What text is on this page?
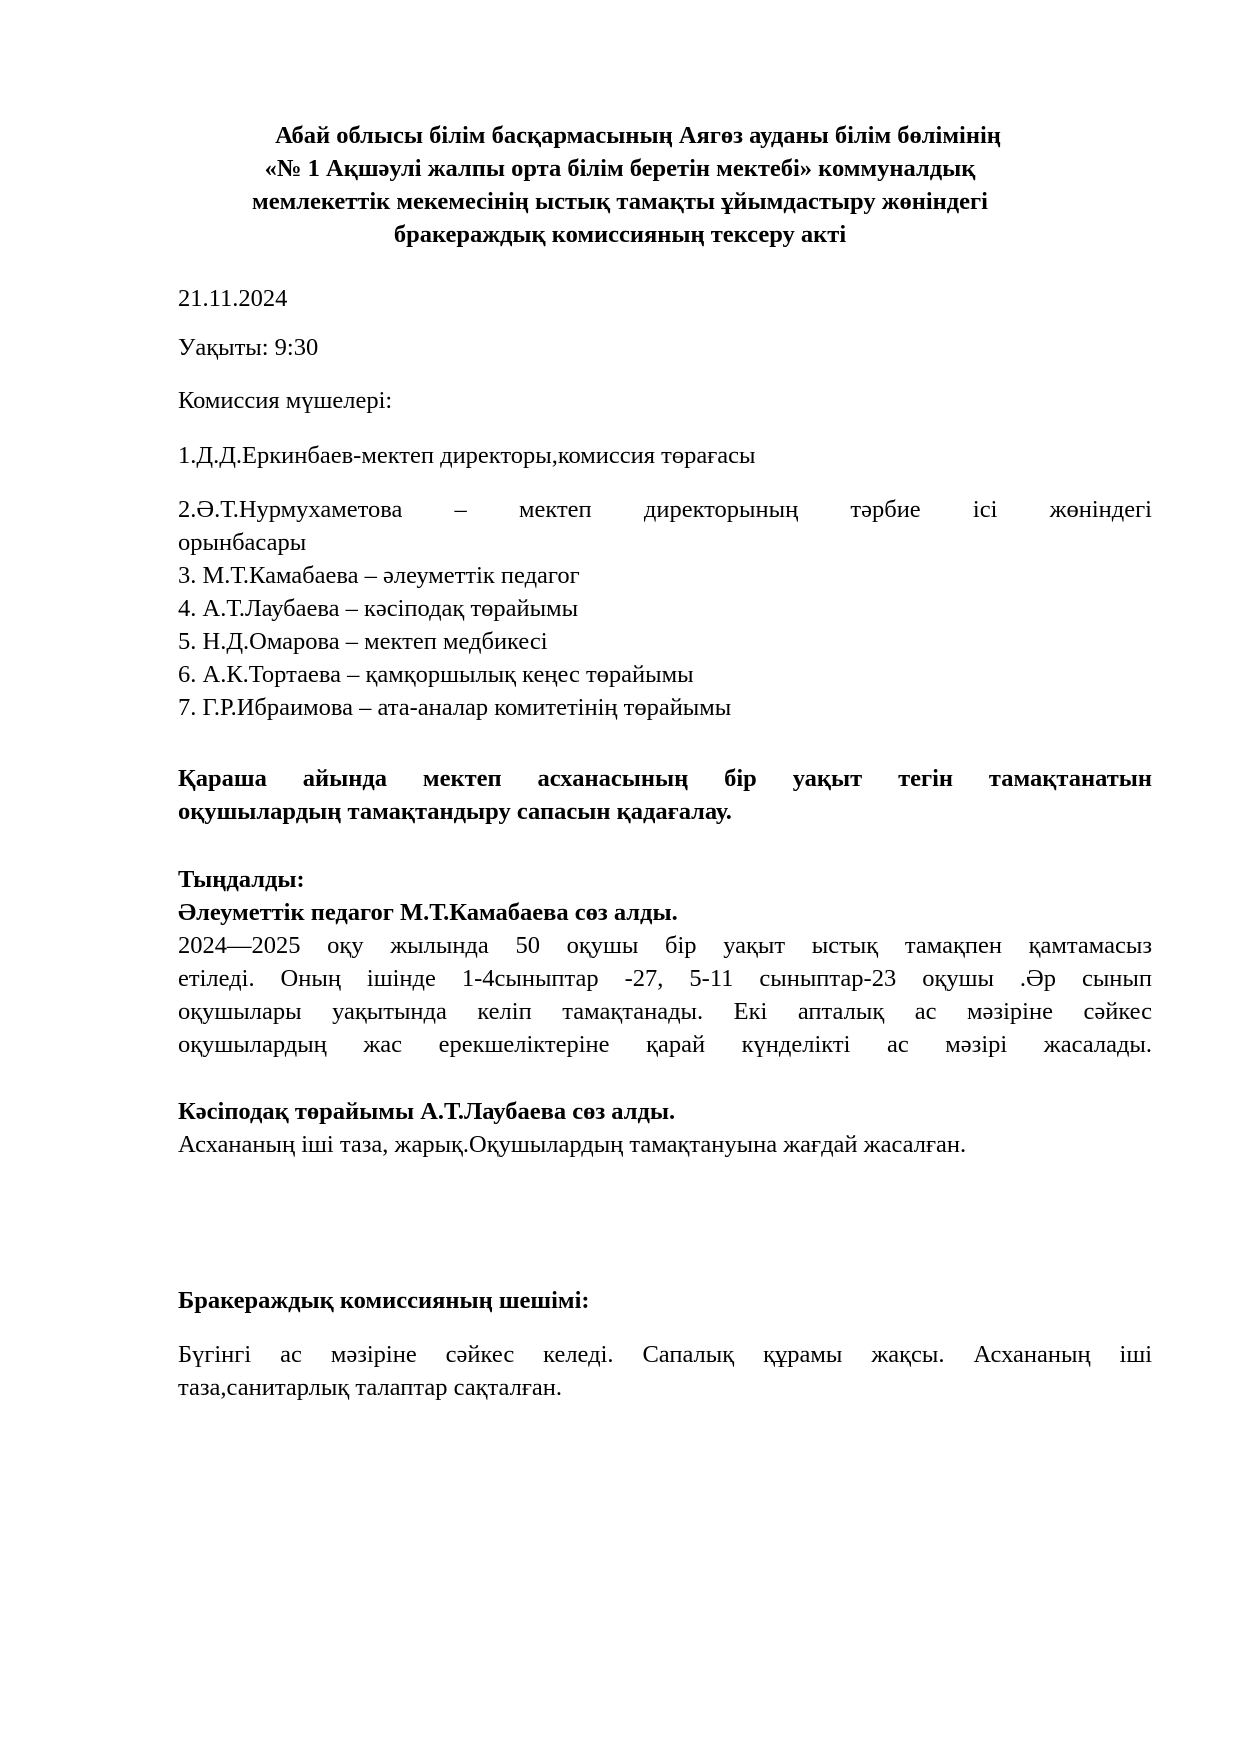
Абай облысы білім басқармасының Аягөз ауданы білім бөлімінің
«№ 1 Ақшәулі жалпы орта білім беретін мектебі» коммуналдық
мемлекеттік мекемесінің ыстық тамақты ұйымдастыру жөніндегі
бракераждық комиссияның тексеру акті
21.11.2024
Уақыты: 9:30
Комиссия мүшелері:
1.Д.Д.Еркинбаев-мектеп директоры,комиссия төрағасы
2.Ә.Т.Нурмухаметова – мектеп директорының тәрбие ісі жөніндегі
орынбасары
3. М.Т.Камабаева – әлеуметтік педагог
4. А.Т.Лаубаева – кәсіподақ төрайымы
5. Н.Д.Омарова – мектеп медбикесі
6. А.К.Тортаева – қамқоршылық кеңес төрайымы
7. Г.Р.Ибраимова – ата-аналар комитетінің төрайымы
Қараша айында мектеп асханасының бір уақыт тегін тамақтанатын
оқушылардың тамақтандыру сапасын қадағалау.
Тыңдалды:
Әлеуметтік педагог М.Т.Камабаева сөз алды.
2024—2025 оқу жылында 50 оқушы бір уақыт ыстық тамақпен қамтамасыз
етіледі. Оның ішінде 1-4сыныптар -27, 5-11 сыныптар-23 оқушы .Әр сынып
оқушылары уақытында келіп тамақтанады. Екі апталық ас мәзіріне сәйкес
оқушылардың жас ерекшеліктеріне қарай күнделікті ас мәзірі жасалады.
Кәсіподақ төрайымы А.Т.Лаубаева сөз алды.
Асхананың іші таза, жарық.Оқушылардың тамақтануына жағдай жасалған.
Бракераждық комиссияның шешімі:
Бүгінгі ас мәзіріне сәйкес келеді. Сапалық құрамы жақсы. Асхананың іші
таза,санитарлық талаптар сақталған.
